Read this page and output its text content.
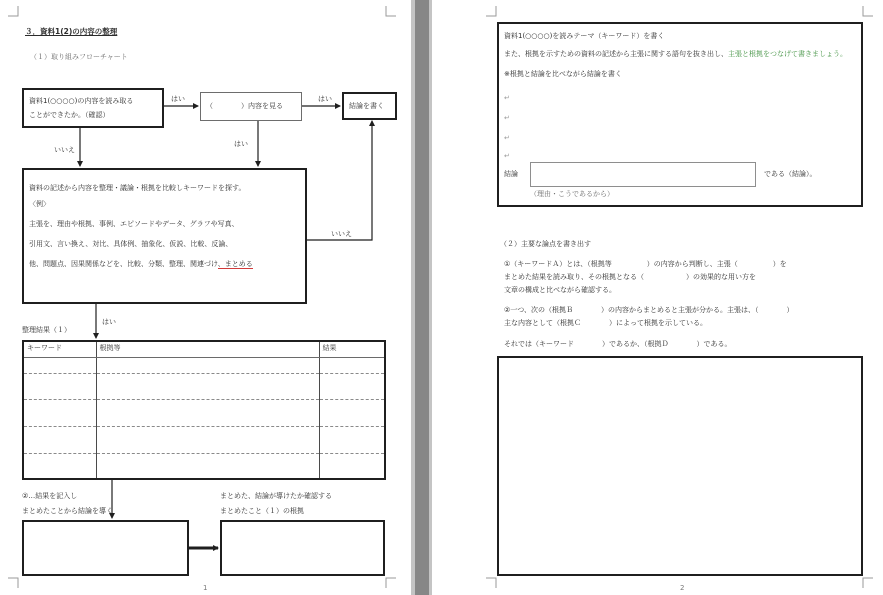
３．資料1(2)の内容の整理
（１）取り組みフローチャート
資料1(○○○○)の内容を読み取る
ことができたか。（確認）
はい
（　　　　）内容を見る
はい
結論を書く
いいえ
はい
資料の記述から内容を整理・議論・根拠を比較しキーワードを探す。
〈例〉
主張を、理由や根拠、事例、エピソードやデータ、グラフや写真、
引用文、言い換え、対比、具体例、抽象化、仮説、比較、反論、
他、問題点、因果関係などを、比較、分類、整理、関連づけ、まとめる
いいえ
整理結果（１）
はい
キーワード	根拠等	結果

②…結果を記入し
まとめたことから結論を導く
まとめた、結論が導けたか確認する
まとめたこと（１）の根拠
1
資料1(○○○○)を読みテーマ（キーワード）を書く
また、根拠を示すための資料の記述から主張に関する語句を抜き出し、主張と根拠をつなげて書きましょう。
※根拠と結論を比べながら結論を書く
↵
↵
↵
↵
結論	である（結論）。
（理由・こうであるから）
（２）主要な論点を書き出す
①（キーワードＡ）とは、（根拠等　　　　　）の内容から判断し、主張（　　　　　）を
まとめた結果を読み取り、その根拠となる（　　　　　　）の効果的な用い方を
文章の構成と比べながら確認する。
②一つ、次の（根拠Ｂ　　　　）の内容からまとめると主張が分かる。主張は、（　　　　）
主な内容として（根拠Ｃ　　　　）によって根拠を示している。
それでは（キーワード　　　　）であるか、（根拠Ｄ　　　　）である。
2
